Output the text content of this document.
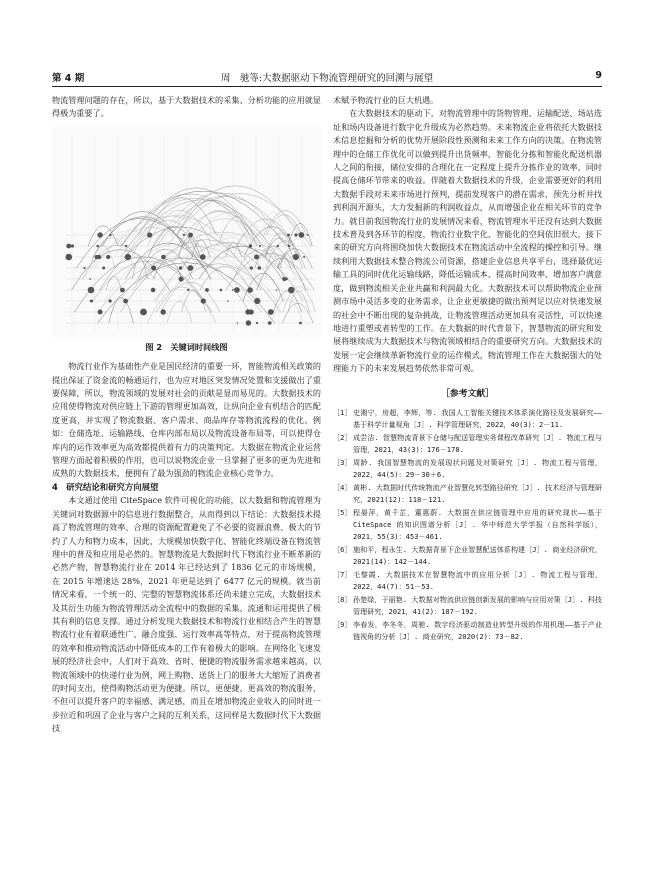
第 4 期	周　驰等:大数据驱动下物流管理研究的回溯与展望	9

物流管理问题的存在，所以，基于大数据技术的采集、分析功能的应用就显得极为重要了。

图 2　关键词时间线图

物流行业作为基础性产业是国民经济的重要一环，智能物流相关政策的提出保证了资金流的畅通运行，也为应对地区突发情况处置和支援做出了重要保障，所以，物流领域的发展对社会的贡献是显而易见的。大数据技术的应用使得物流对供应链上下游的管理更加高效，让纵向企业有机结合的匹配度更高，并实现了物流数据、客户需求、商品库存等物流流程的优化。例如：仓储选址、运输路线、仓库内部布局以及物流设备布局等，可以使得仓库内的运作效率更为高效都提供着有力的决策判定。大数据在物流企业运营管理方面起着积极的作用，也可以说物流企业一旦掌握了更多的更为先进和成熟的大数据技术，便拥有了最为强劲的物流企业核心竞争力。

4　研究结论和研究方向展望

本文通过使用 CiteSpace 软件可视化的功能，以大数据和物流管理为关键词对数据源中的信息进行数据整合，从而得到以下结论：大数据技术提高了物流管理的效率、合理的资源配置避免了不必要的资源浪费、极大的节约了人力和物力成本，因此，大规模加快数字化、智能化终端设备在物流管理中的普及和应用是必然的。智慧物流是大数据时代下物流行业不断革新的必然产物，智慧物流行业在 2014 年已经达到了 1836 亿元的市场规模，在 2015 年增速达 28%，2021 年更是达到了 6477 亿元的规模。就当前情况来看，一个统一的、完整的智慧物流体系还尚未建立完成，大数据技术及其衍生功能为物流管理活动全流程中的数据的采集、流通和运用提供了极其有利的信息支撑。通过分析发现大数据技术和物流行业相结合产生的智慧物流行业有着联通性广、融合度强、运行效率高等特点，对于提高物流管理的效率和推动物流活动中降低成本的工作有着极大的影响。在网络化飞速发展的经济社会中，人们对于高效、省时、便捷的物流服务需求越来越高，以物流领域中的快递行业为例，网上购物、送货上门的服务大大缩短了消费者的时间支出，使得购物活动更为便捷。所以，更便捷、更高效的物流服务，不但可以提升客户的幸福感、满足感，而且在增加物流企业收入的同时进一步拉近和巩固了企业与客户之间的互利关系，这同样是大数据时代下大数据技

术赋予物流行业的巨大机遇。

在大数据技术的驱动下，对物流管理中的货物管理、运输配送、场站选址和场内设备进行数字化升级成为必然趋势。未来物流企业将依托大数据技术信息挖掘和分析的优势开展阶段性预测和未来工作方向的决策。在物流管理中的仓储工作优化可以做到提升出货频率，智能化分拣和智能化配送机器人之间的衔接，储位安排的合理化在一定程度上提升分拣作业的效率，同时提高仓储环节带来的收益。伴随着大数据技术的升级，企业需要更好的利用大数据手段对未来市场进行预判，提前发现客户的潜在需求，预先分析并找到利润开源头，大力发掘新的利润收益点，从而增强企业在相关环节的竞争力。就目前我国物流行业的发展情况来看，物流管理水平还没有达到大数据技术普及到各环节的程度，物流行业数字化、智能化的空间依旧很大，接下来的研究方向将围绕加快大数据技术在物流活动中全流程的操控和引导。继续利用大数据技术整合物流公司资源，搭建企业信息共享平台，选择最优运输工具的同时优化运输线路，降低运输成本、提高时间效率、增加客户满意度，做到物流相关企业共赢和利润最大化。大数据技术可以帮助物流企业预测市场中灵活多变的业务需求，让企业更敏捷的做出预判足以应对快速发展的社会中不断出现的复杂挑战，让物流管理活动更加具有灵活性，可以快速地进行重塑或者转型的工作。在大数据的时代背景下，智慧物流的研究和发展将继续成为大数据技术与物流领域相结合的重要研究方向。大数据技术的发展一定会继续革新物流行业的运作模式，物流管理工作在大数据强大的处理能力下的未来发展趋势依然非常可观。

［参考文献］
［1］ 史湘宁，房超，李辉，等. 我国人工智能关键技术体系演化路径及发展研究——基于科学计量视角［J］. 科学管理研究，2022，40(3)：2－11.
［2］ 成尝洁. 智慧物流背景下仓储与配送管理实务课程改革研究［J］. 物流工程与管理，2021，43(3)：176－178.
［3］ 周龄. 我国智慧物流的发展现状问题及对策研究［J］. 物流工程与管理，2022，44(5)：29－30＋6.
［4］ 黄彬. 大数据时代传统物流产业智慧化转型路径研究［J］. 技术经济与管理研究，2021(12)：118－121.
［5］ 程晏萍，黄千芷，董惠蔚. 大数据在供应链管理中应用的研究现状——基于 CiteSpace 的知识图谱分析［J］. 华中师范大学学报（自然科学版），2021，55(3)：453－461.
［6］ 施和平，程永生. 大数据背景下企业智慧配送体系构建［J］. 商业经济研究，2021(14)：142－144.
［7］ 毛黎霞. 大数据技术在智慧物流中的应用分析［J］. 物流工程与管理，2022，44(7)：51－53.
［8］ 孙楚绿，于丽艳. 大数据对物流供应链创新发展的影响与应用对策［J］. 科技管理研究，2021，41(2)：187－192.
［9］ 李春发，李冬冬，周驰. 数字经济驱动制造业转型升级的作用机理——基于产业链视角的分析［J］. 商业研究，2020(2)：73－82.
